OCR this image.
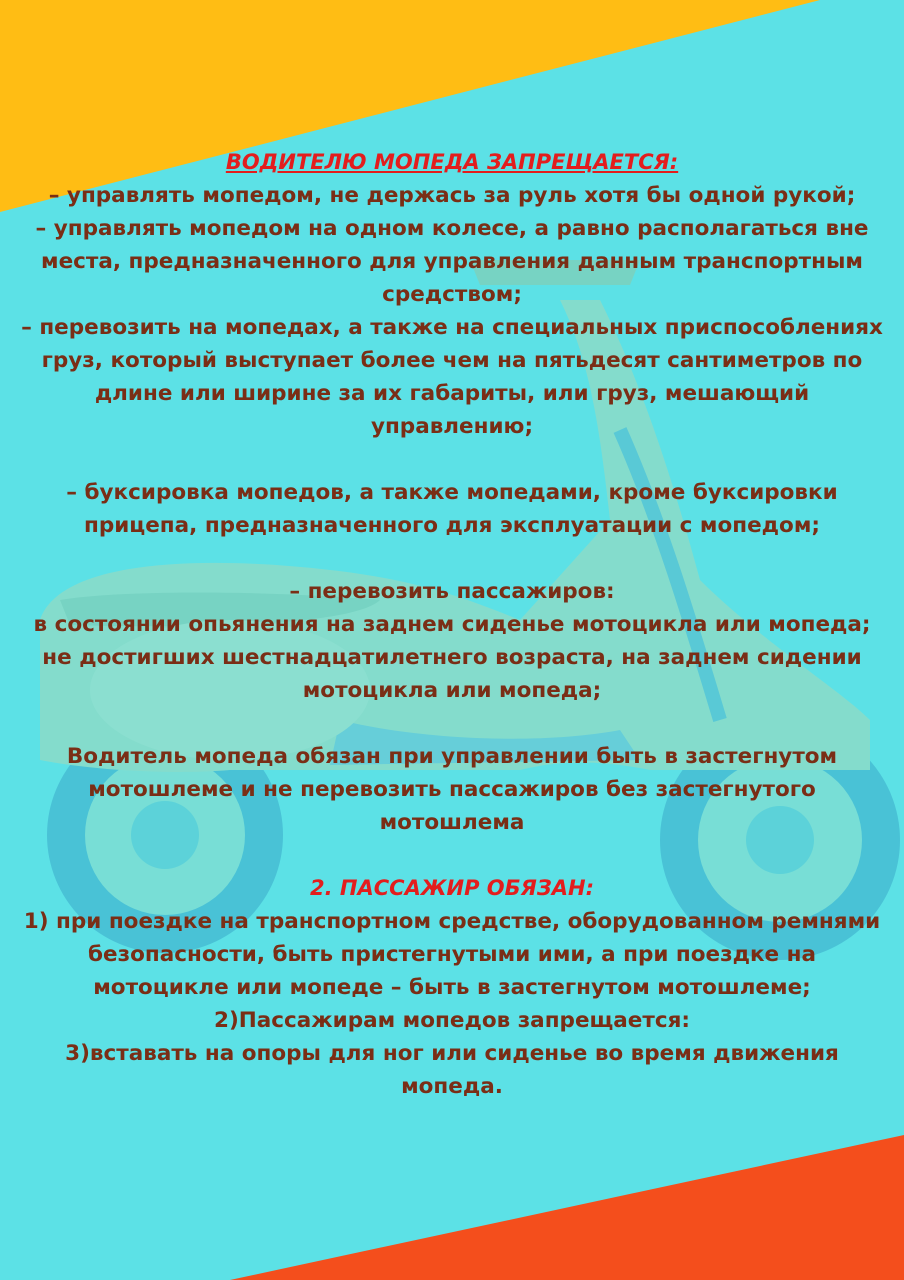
ВОДИТЕЛЮ МОПЕДА ЗАПРЕЩАЕТСЯ:

– управлять мопедом, не держась за руль хотя бы одной рукой;

– управлять мопедом на одном колесе, а равно располагаться вне места, предназначенного для управления данным транспортным средством;

– перевозить на мопедах, а также на специальных приспособлениях груз, который выступает более чем на пятьдесят сантиметров по длине или ширине за их габариты, или груз, мешающий управлению;

– буксировка мопедов, а также мопедами, кроме буксировки прицепа, предназначенного для эксплуатации с мопедом;

– перевозить пассажиров:

в состоянии опьянения на заднем сиденье мотоцикла или мопеда;

не достигших шестнадцатилетнего возраста, на заднем сидении мотоцикла или мопеда;

Водитель мопеда обязан при управлении быть в застегнутом мотошлеме и не перевозить пассажиров без застегнутого мотошлема

2. ПАССАЖИР ОБЯЗАН:

1) при поездке на транспортном средстве, оборудованном ремнями безопасности, быть пристегнутыми ими, а при поездке на мотоцикле или мопеде – быть в застегнутом мотошлеме;

2)Пассажирам мопедов запрещается:

3)вставать на опоры для ног или сиденье во время движения мопеда.
